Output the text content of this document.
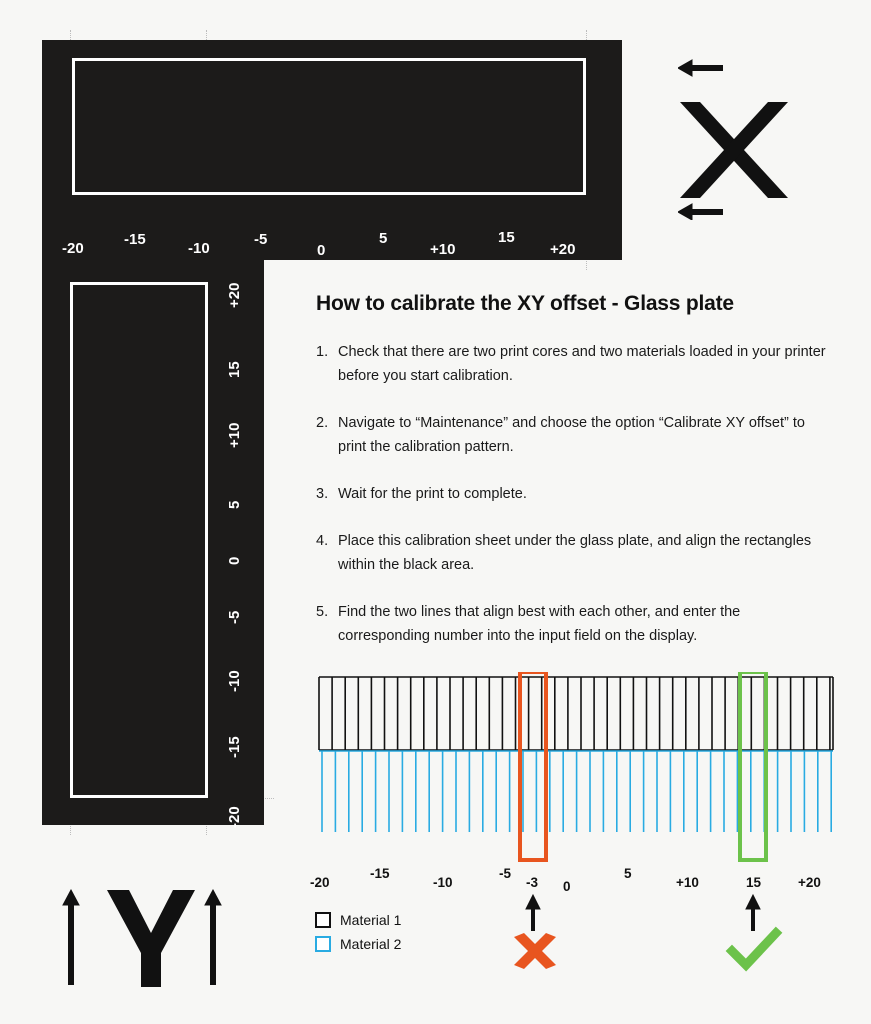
-20
-15
-10
-5
0
5
+10
15
+20
+20
15
+10
5
0
-5
-10
-15
-20
How to calibrate the XY offset - Glass plate
1. Check that there are two print cores and two materials loaded in your printer before you start calibration.
2. Navigate to “Maintenance” and choose the option “Calibrate XY offset” to print the calibration pattern.
3. Wait for the print to complete.
4. Place this calibration sheet under the glass plate, and align the rectangles within the black area.
5. Find the two lines that align best with each other, and enter the corresponding number into the input field on the display.
-20
-15
-10
-5
-3 0
5
+10	15	+20
Material 1
Material 2
